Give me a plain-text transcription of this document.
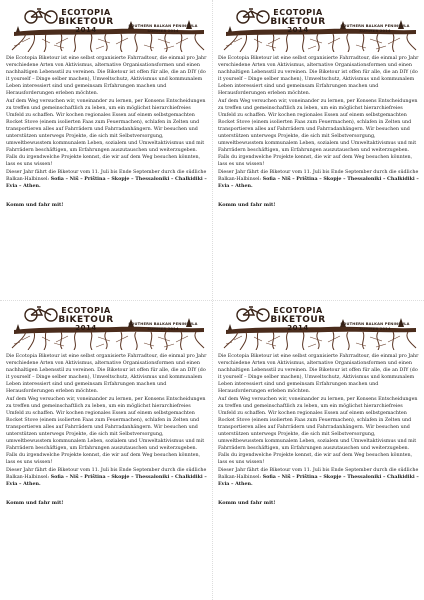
ECOTOPIA
BIKETOUR
2014	SOUTHERN BALKAN PENINSULA
SUMMER 2014

Die Ecotopia Biketour ist eine selbst organisierte Fahrradtour, die einmal pro Jahr verschiedene Arten von Aktivismus, alternative Organisationsformen und einen nachhaltigen Lebensstil zu vereinen. Die Biketour ist offen für alle, die an DIY (do it yourself – Dinge selber machen), Umweltschutz, Aktivismus und kommunalem Leben interessiert sind und gemeinsam Erfahrungen machen und Herausforderungen erleben möchten.

Auf dem Weg versuchen wir, voneinander zu lernen, per Konsens Entscheidungen zu treffen und gemeinschaftlich zu leben, um ein möglichst hierarchiefreies Umfeld zu schaffen. Wir kochen regionales Essen auf einem selbstgemachten Rocket Stove (einem isolierten Faas zum Feuermachen), schlafen in Zelten und transportieren alles auf Fahrrädern und Fahrradanhängern. Wir besuchen und unterstützen unterwegs Projekte, die sich mit Selbstversorgung, umweltbewusstem kommunalem Leben, sozialem und Umweltaktivismus und mit Fahrrädern beschäftigen, um Erfahrungen auszutauschen und weiterzugeben. Falls du irgendwelche Projekte kennst, die wir auf dem Weg besuchen könnten, lass es uns wissen!

Dieser Jahr fährt die Biketour vom 11. Juli bis Ende September durch die südliche Balkan-Halbinsel: Sofia – Niš – Priština – Skopje – Thessaloniki – Chalkidiki – Evia – Athen.

Komm und fahr mit!
ECOTOPIA
BIKETOUR
2014	SOUTHERN BALKAN PENINSULA
SUMMER 2014

Die Ecotopia Biketour ist eine selbst organisierte Fahrradtour, die einmal pro Jahr verschiedene Arten von Aktivismus, alternative Organisationsformen und einen nachhaltigen Lebensstil zu vereinen. Die Biketour ist offen für alle, die an DIY (do it yourself – Dinge selber machen), Umweltschutz, Aktivismus und kommunalem Leben interessiert sind und gemeinsam Erfahrungen machen und Herausforderungen erleben möchten.

Auf dem Weg versuchen wir, voneinander zu lernen, per Konsens Entscheidungen zu treffen und gemeinschaftlich zu leben, um ein möglichst hierarchiefreies Umfeld zu schaffen. Wir kochen regionales Essen auf einem selbstgemachten Rocket Stove (einem isolierten Faas zum Feuermachen), schlafen in Zelten und transportieren alles auf Fahrrädern und Fahrradanhängern. Wir besuchen und unterstützen unterwegs Projekte, die sich mit Selbstversorgung, umweltbewusstem kommunalem Leben, sozialem und Umweltaktivismus und mit Fahrrädern beschäftigen, um Erfahrungen auszutauschen und weiterzugeben. Falls du irgendwelche Projekte kennst, die wir auf dem Weg besuchen könnten, lass es uns wissen!

Dieser Jahr fährt die Biketour vom 11. Juli bis Ende September durch die südliche Balkan-Halbinsel: Sofia – Niš – Priština – Skopje – Thessaloniki – Chalkidiki – Evia – Athen.

Komm und fahr mit!
ECOTOPIA
BIKETOUR
2014	SOUTHERN BALKAN PENINSULA
SUMMER 2014

Die Ecotopia Biketour ist eine selbst organisierte Fahrradtour, die einmal pro Jahr verschiedene Arten von Aktivismus, alternative Organisationsformen und einen nachhaltigen Lebensstil zu vereinen. Die Biketour ist offen für alle, die an DIY (do it yourself – Dinge selber machen), Umweltschutz, Aktivismus und kommunalem Leben interessiert sind und gemeinsam Erfahrungen machen und Herausforderungen erleben möchten.

Auf dem Weg versuchen wir, voneinander zu lernen, per Konsens Entscheidungen zu treffen und gemeinschaftlich zu leben, um ein möglichst hierarchiefreies Umfeld zu schaffen. Wir kochen regionales Essen auf einem selbstgemachten Rocket Stove (einem isolierten Faas zum Feuermachen), schlafen in Zelten und transportieren alles auf Fahrrädern und Fahrradanhängern. Wir besuchen und unterstützen unterwegs Projekte, die sich mit Selbstversorgung, umweltbewusstem kommunalem Leben, sozialem und Umweltaktivismus und mit Fahrrädern beschäftigen, um Erfahrungen auszutauschen und weiterzugeben. Falls du irgendwelche Projekte kennst, die wir auf dem Weg besuchen könnten, lass es uns wissen!

Dieser Jahr fährt die Biketour vom 11. Juli bis Ende September durch die südliche Balkan-Halbinsel: Sofia – Niš – Priština – Skopje – Thessaloniki – Chalkidiki – Evia – Athen.

Komm und fahr mit!
ECOTOPIA
BIKETOUR
2014	SOUTHERN BALKAN PENINSULA
SUMMER 2014

Die Ecotopia Biketour ist eine selbst organisierte Fahrradtour, die einmal pro Jahr verschiedene Arten von Aktivismus, alternative Organisationsformen und einen nachhaltigen Lebensstil zu vereinen. Die Biketour ist offen für alle, die an DIY (do it yourself – Dinge selber machen), Umweltschutz, Aktivismus und kommunalem Leben interessiert sind und gemeinsam Erfahrungen machen und Herausforderungen erleben möchten.

Auf dem Weg versuchen wir, voneinander zu lernen, per Konsens Entscheidungen zu treffen und gemeinschaftlich zu leben, um ein möglichst hierarchiefreies Umfeld zu schaffen. Wir kochen regionales Essen auf einem selbstgemachten Rocket Stove (einem isolierten Faas zum Feuermachen), schlafen in Zelten und transportieren alles auf Fahrrädern und Fahrradanhängern. Wir besuchen und unterstützen unterwegs Projekte, die sich mit Selbstversorgung, umweltbewusstem kommunalem Leben, sozialem und Umweltaktivismus und mit Fahrrädern beschäftigen, um Erfahrungen auszutauschen und weiterzugeben. Falls du irgendwelche Projekte kennst, die wir auf dem Weg besuchen könnten, lass es uns wissen!

Dieser Jahr fährt die Biketour vom 11. Juli bis Ende September durch die südliche Balkan-Halbinsel: Sofia – Niš – Priština – Skopje – Thessaloniki – Chalkidiki – Evia – Athen.

Komm und fahr mit!
